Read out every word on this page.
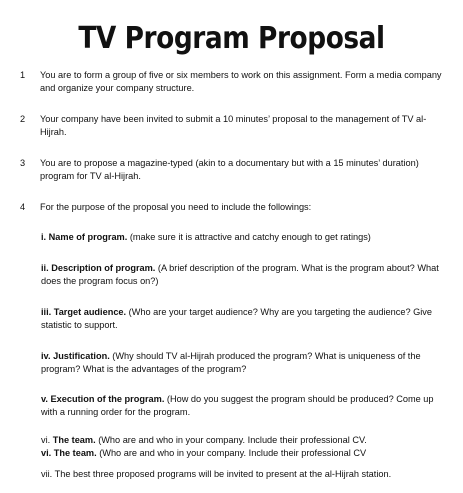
TV Program Proposal
1	You are to form a group of five or six members to work on this assignment. Form a media company and organize your company structure.
2	Your company have been invited to submit a 10 minutes’ proposal to the management of TV al-Hijrah.
3	You are to propose a magazine-typed (akin to a documentary but with a 15 minutes’ duration) program for TV al-Hijrah.
4	For the purpose of the proposal you need to include the followings:
i. Name of program. (make sure it is attractive and catchy enough to get ratings)
ii. Description of program. (A brief description of the program. What is the program about? What does the program focus on?)
iii. Target audience. (Who are your target audience? Why are you targeting the audience? Give statistic to support.
iv. Justification. (Why should TV al-Hijrah produced the program? What is uniqueness of the program? What is the advantages of the program?
v. Execution of the program. (How do you suggest the program should be produced? Come up with a running order for the program.
vi. The team. (Who are and who in your company. Include their professional CV.
vi. The team. (Who are and who in your company. Include their professional CV
vii. The best three proposed programs will be invited to present at the al-Hijrah station.
